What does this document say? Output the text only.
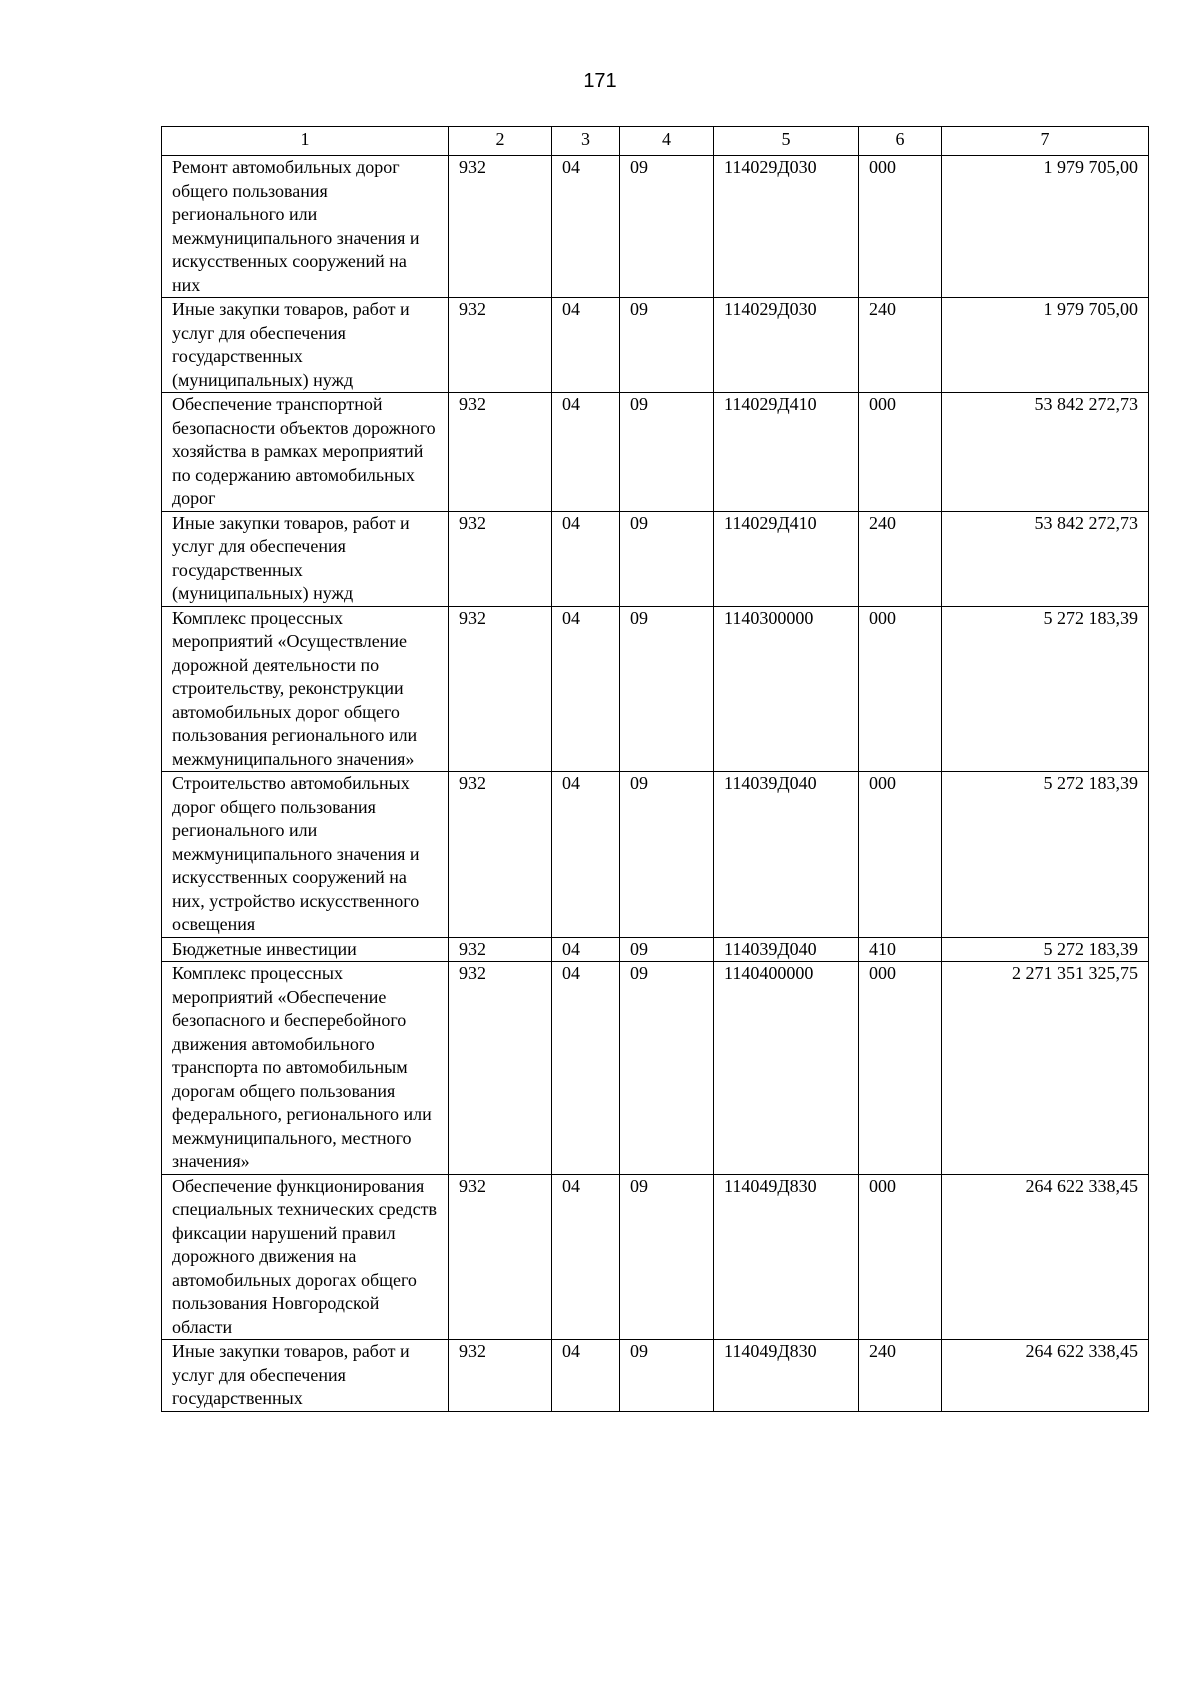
171
1	2	3	4	5	6	7
Ремонт автомобильных дорог общего пользования регионального или межмуниципального значения и искусственных сооружений на них	932	04	09	114029Д030	000	1 979 705,00
Иные закупки товаров, работ и услуг для обеспечения государственных (муниципальных) нужд	932	04	09	114029Д030	240	1 979 705,00
Обеспечение транспортной безопасности объектов дорожного хозяйства в рамках мероприятий по содержанию автомобильных дорог	932	04	09	114029Д410	000	53 842 272,73
Иные закупки товаров, работ и услуг для обеспечения государственных (муниципальных) нужд	932	04	09	114029Д410	240	53 842 272,73
Комплекс процессных мероприятий «Осуществление дорожной деятельности по строительству, реконструкции автомобильных дорог общего пользования регионального или межмуниципального значения»	932	04	09	1140300000	000	5 272 183,39
Строительство автомобильных дорог общего пользования регионального или межмуниципального значения и искусственных сооружений на них, устройство искусственного освещения	932	04	09	114039Д040	000	5 272 183,39
Бюджетные инвестиции	932	04	09	114039Д040	410	5 272 183,39
Комплекс процессных мероприятий «Обеспечение безопасного и бесперебойного движения автомобильного транспорта по автомобильным дорогам общего пользования федерального, регионального или межмуниципального, местного значения»	932	04	09	1140400000	000	2 271 351 325,75
Обеспечение функционирования специальных технических средств фиксации нарушений правил дорожного движения на автомобильных дорогах общего пользования Новгородской области	932	04	09	114049Д830	000	264 622 338,45
Иные закупки товаров, работ и услуг для обеспечения государственных	932	04	09	114049Д830	240	264 622 338,45
